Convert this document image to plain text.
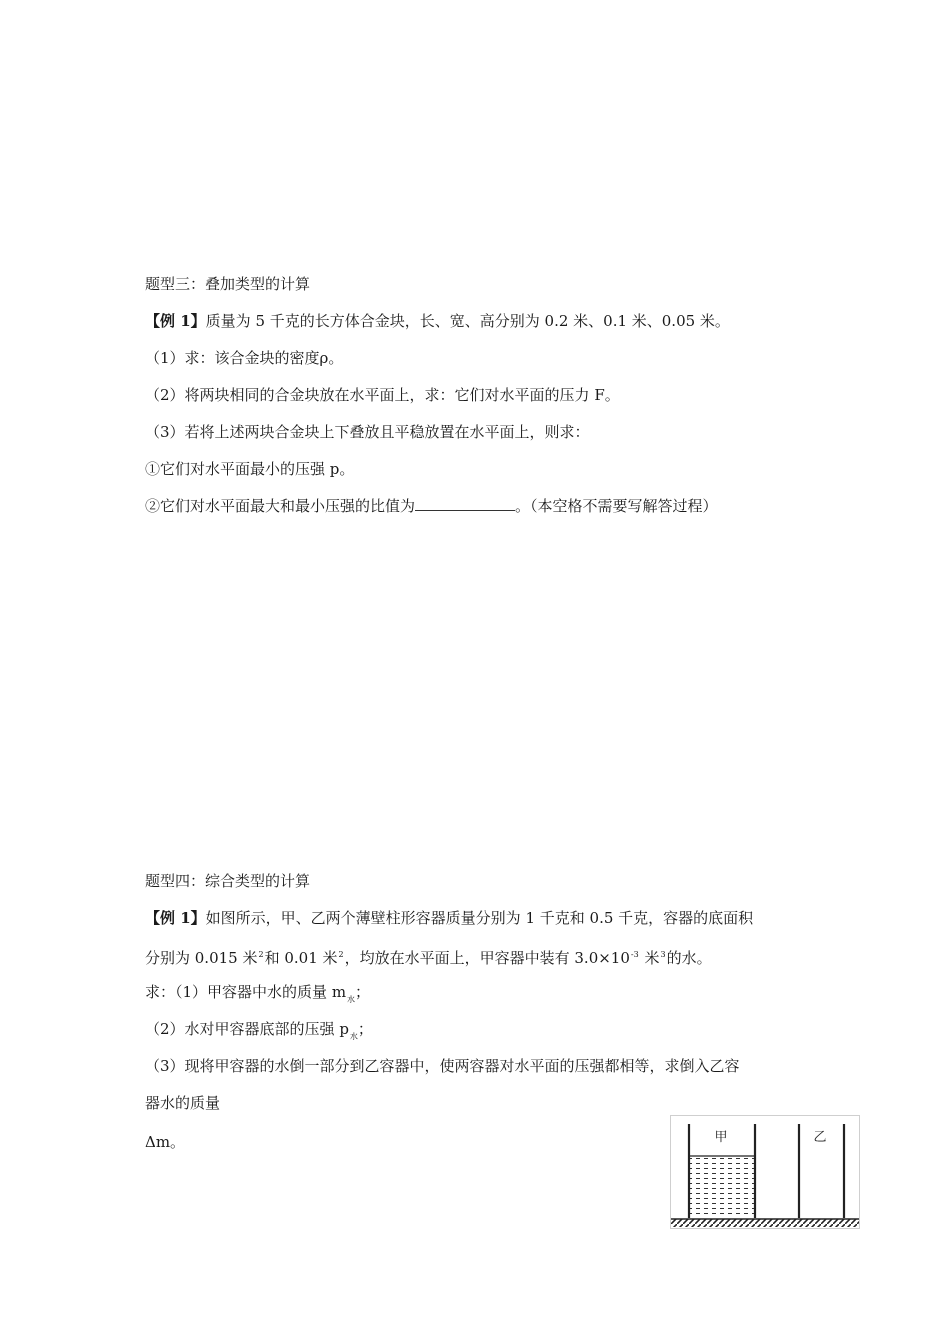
题型三：叠加类型的计算
【例 1】质量为 5 千克的长方体合金块，长、宽、高分别为 0.2 米、0.1 米、0.05 米。
（1）求：该合金块的密度ρ。
（2）将两块相同的合金块放在水平面上，求：它们对水平面的压力 F。
（3）若将上述两块合金块上下叠放且平稳放置在水平面上，则求：
①它们对水平面最小的压强 p。
②它们对水平面最大和最小压强的比值为	。（本空格不需要写解答过程）
题型四：综合类型的计算
【例 1】如图所示，甲、乙两个薄壁柱形容器质量分别为 1 千克和 0.5 千克，容器的底面积
分别为 0.015 米$^2$和 0.01 米$^2$，均放在水平面上，甲容器中装有 $3.0\times 10^{-3}$ 米$^3$的水。
求：（1）甲容器中水的质量 $m_水$；
（2）水对甲容器底部的压强 $p_水$；
（3）现将甲容器的水倒一部分到乙容器中，使两容器对水平面的压强都相等，求倒入乙容
器水的质量
Δm。	甲	乙
